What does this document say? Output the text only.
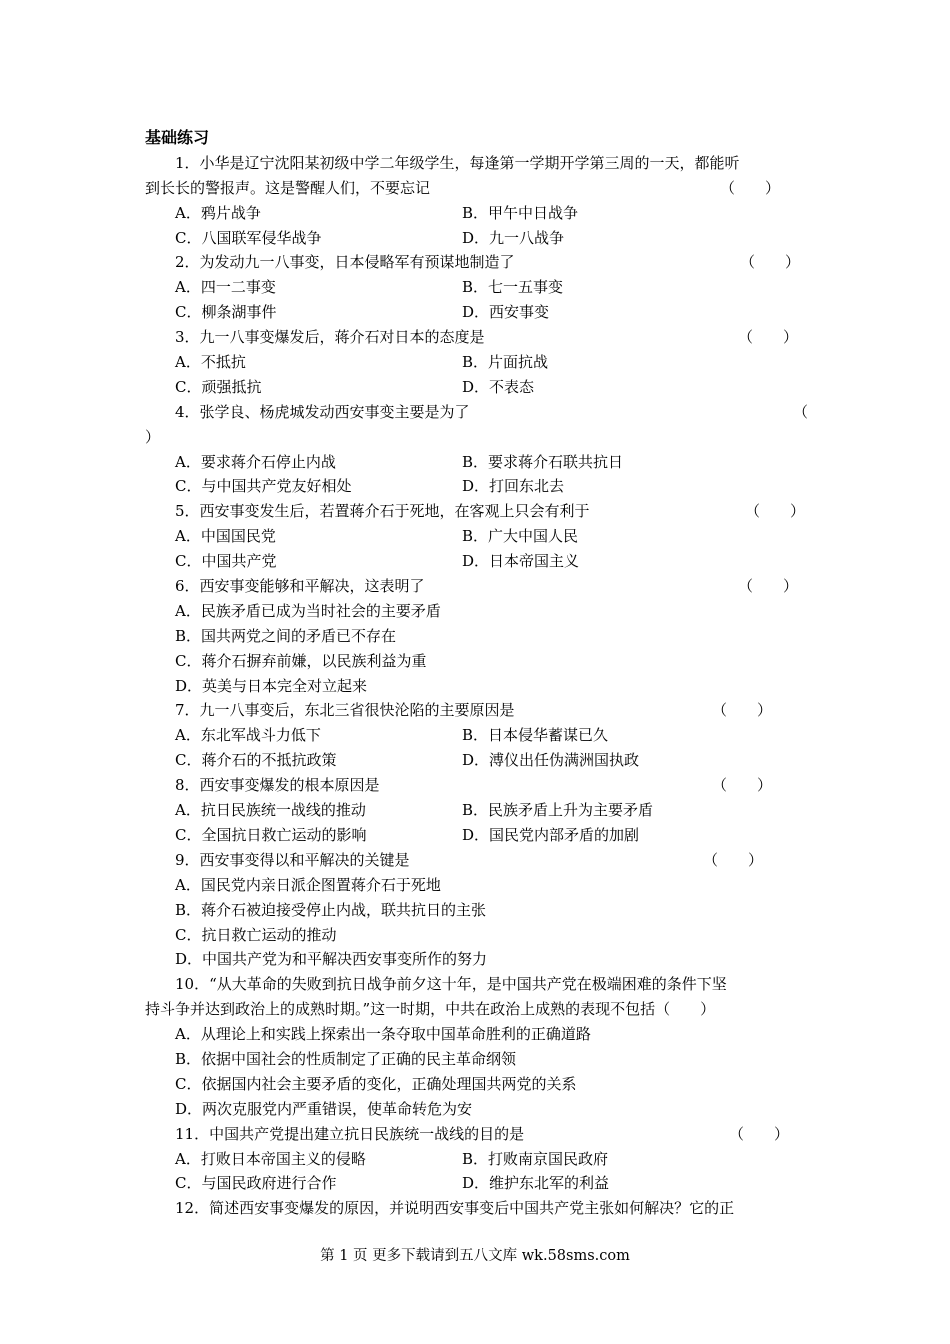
基础练习
1．小华是辽宁沈阳某初级中学二年级学生，每逢第一学期开学第三周的一天，都能听
到长长的警报声。这是警醒人们，不要忘记	（　　）
A．鸦片战争	B．甲午中日战争
C．八国联军侵华战争	D．九一八战争
2．为发动九一八事变，日本侵略军有预谋地制造了	（　　）
A．四一二事变	B．七一五事变
C．柳条湖事件	D．西安事变
3．九一八事变爆发后，蒋介石对日本的态度是	（　　）
A．不抵抗	B．片面抗战
C．顽强抵抗	D．不表态
4．张学良、杨虎城发动西安事变主要是为了	（
）
A．要求蒋介石停止内战	B．要求蒋介石联共抗日
C．与中国共产党友好相处	D．打回东北去
5．西安事变发生后，若置蒋介石于死地，在客观上只会有利于	（　　）
A．中国国民党	B．广大中国人民
C．中国共产党	D．日本帝国主义
6．西安事变能够和平解决，这表明了	（　　）
A．民族矛盾已成为当时社会的主要矛盾
B．国共两党之间的矛盾已不存在
C．蒋介石摒弃前嫌，以民族利益为重
D．英美与日本完全对立起来
7．九一八事变后，东北三省很快沦陷的主要原因是	（　　）
A．东北军战斗力低下	B．日本侵华蓄谋已久
C．蒋介石的不抵抗政策	D．溥仪出任伪满洲国执政
8．西安事变爆发的根本原因是	（　　）
A．抗日民族统一战线的推动	B．民族矛盾上升为主要矛盾
C．全国抗日救亡运动的影响	D．国民党内部矛盾的加剧
9．西安事变得以和平解决的关键是	（　　）
A．国民党内亲日派企图置蒋介石于死地
B．蒋介石被迫接受停止内战，联共抗日的主张
C．抗日救亡运动的推动
D．中国共产党为和平解决西安事变所作的努力
10．“从大革命的失败到抗日战争前夕这十年，是中国共产党在极端困难的条件下坚
持斗争并达到政治上的成熟时期。”这一时期，中共在政治上成熟的表现不包括（　　）
A．从理论上和实践上探索出一条夺取中国革命胜利的正确道路
B．依据中国社会的性质制定了正确的民主革命纲领
C．依据国内社会主要矛盾的变化，正确处理国共两党的关系
D．两次克服党内严重错误，使革命转危为安
11．中国共产党提出建立抗日民族统一战线的目的是	（　　）
A．打败日本帝国主义的侵略	B．打败南京国民政府
C．与国民政府进行合作	D．维护东北军的利益
12．简述西安事变爆发的原因，并说明西安事变后中国共产党主张如何解决？它的正
第 1 页 更多下载请到五八文库 wk.58sms.com
